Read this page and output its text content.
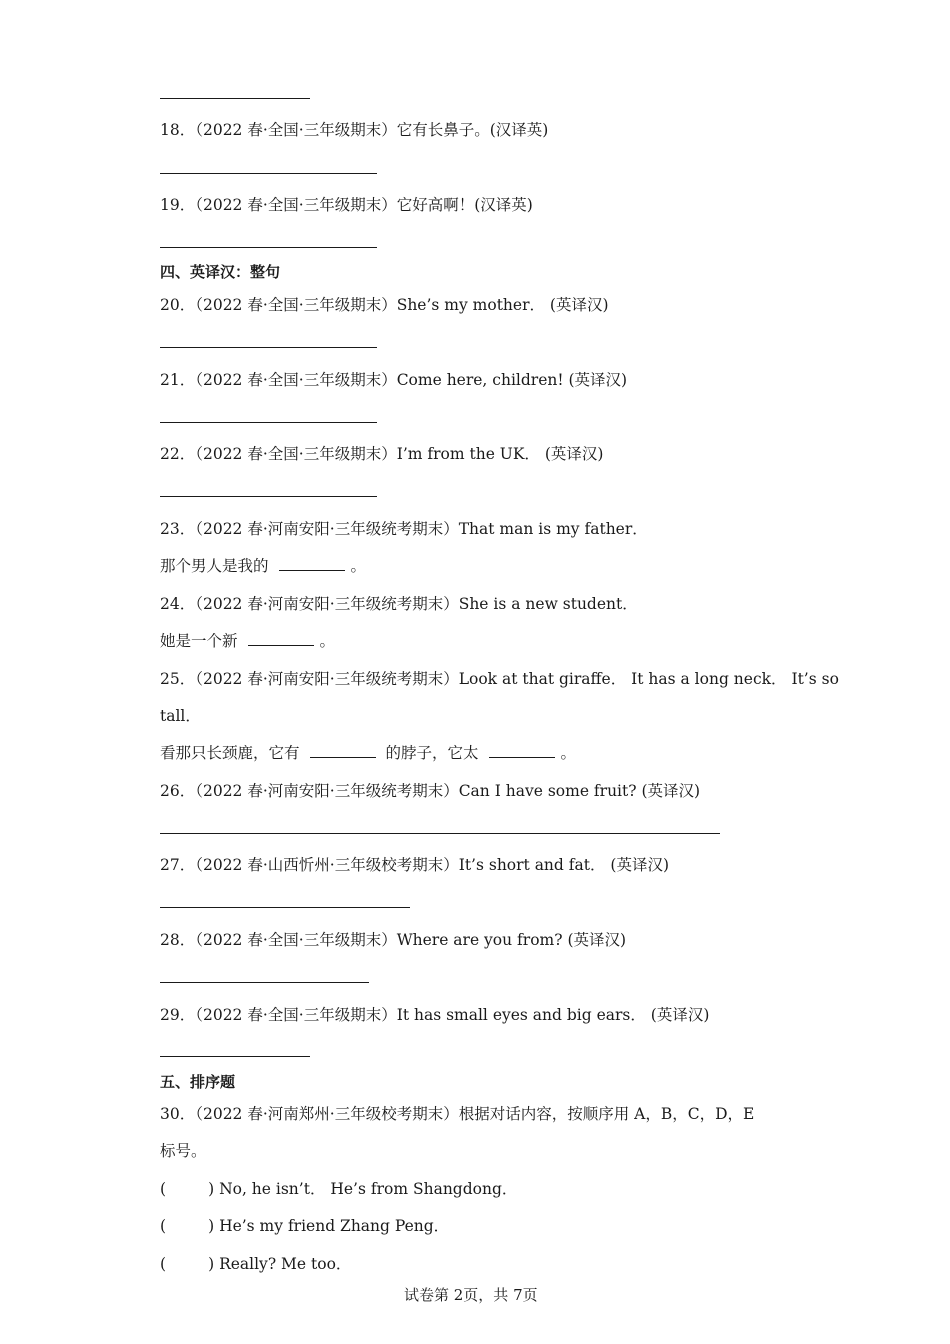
18．（2022 春·全国·三年级期末）它有长鼻子。(汉译英)
19．（2022 春·全国·三年级期末）它好高啊！(汉译英)
四、英译汉：整句
20．（2022 春·全国·三年级期末）She’s my mother． (英译汉)
21．（2022 春·全国·三年级期末）Come here, children! (英译汉)
22．（2022 春·全国·三年级期末）I’m from the UK． (英译汉)
23．（2022 春·河南安阳·三年级统考期末）That man is my father．
那个男人是我的	。
24．（2022 春·河南安阳·三年级统考期末）She is a new student．
她是一个新	。
25．（2022 春·河南安阳·三年级统考期末）Look at that giraffe． It has a long neck． It’s so
tall．
看那只长颈鹿，它有	的脖子，它太	。
26．（2022 春·河南安阳·三年级统考期末）Can I have some fruit? (英译汉)
27．（2022 春·山西忻州·三年级校考期末）It’s short and fat． (英译汉)
28．（2022 春·全国·三年级期末）Where are you from? (英译汉)
29．（2022 春·全国·三年级期末）It has small eyes and big ears． (英译汉)
五、排序题
30．（2022 春·河南郑州·三年级校考期末）根据对话内容，按顺序用 A，B，C，D，E
标号。
(	) No, he isn’t． He’s from Shangdong．
(	) He’s my friend Zhang Peng．
(	) Really? Me too．
试卷第 2页，共 7页
